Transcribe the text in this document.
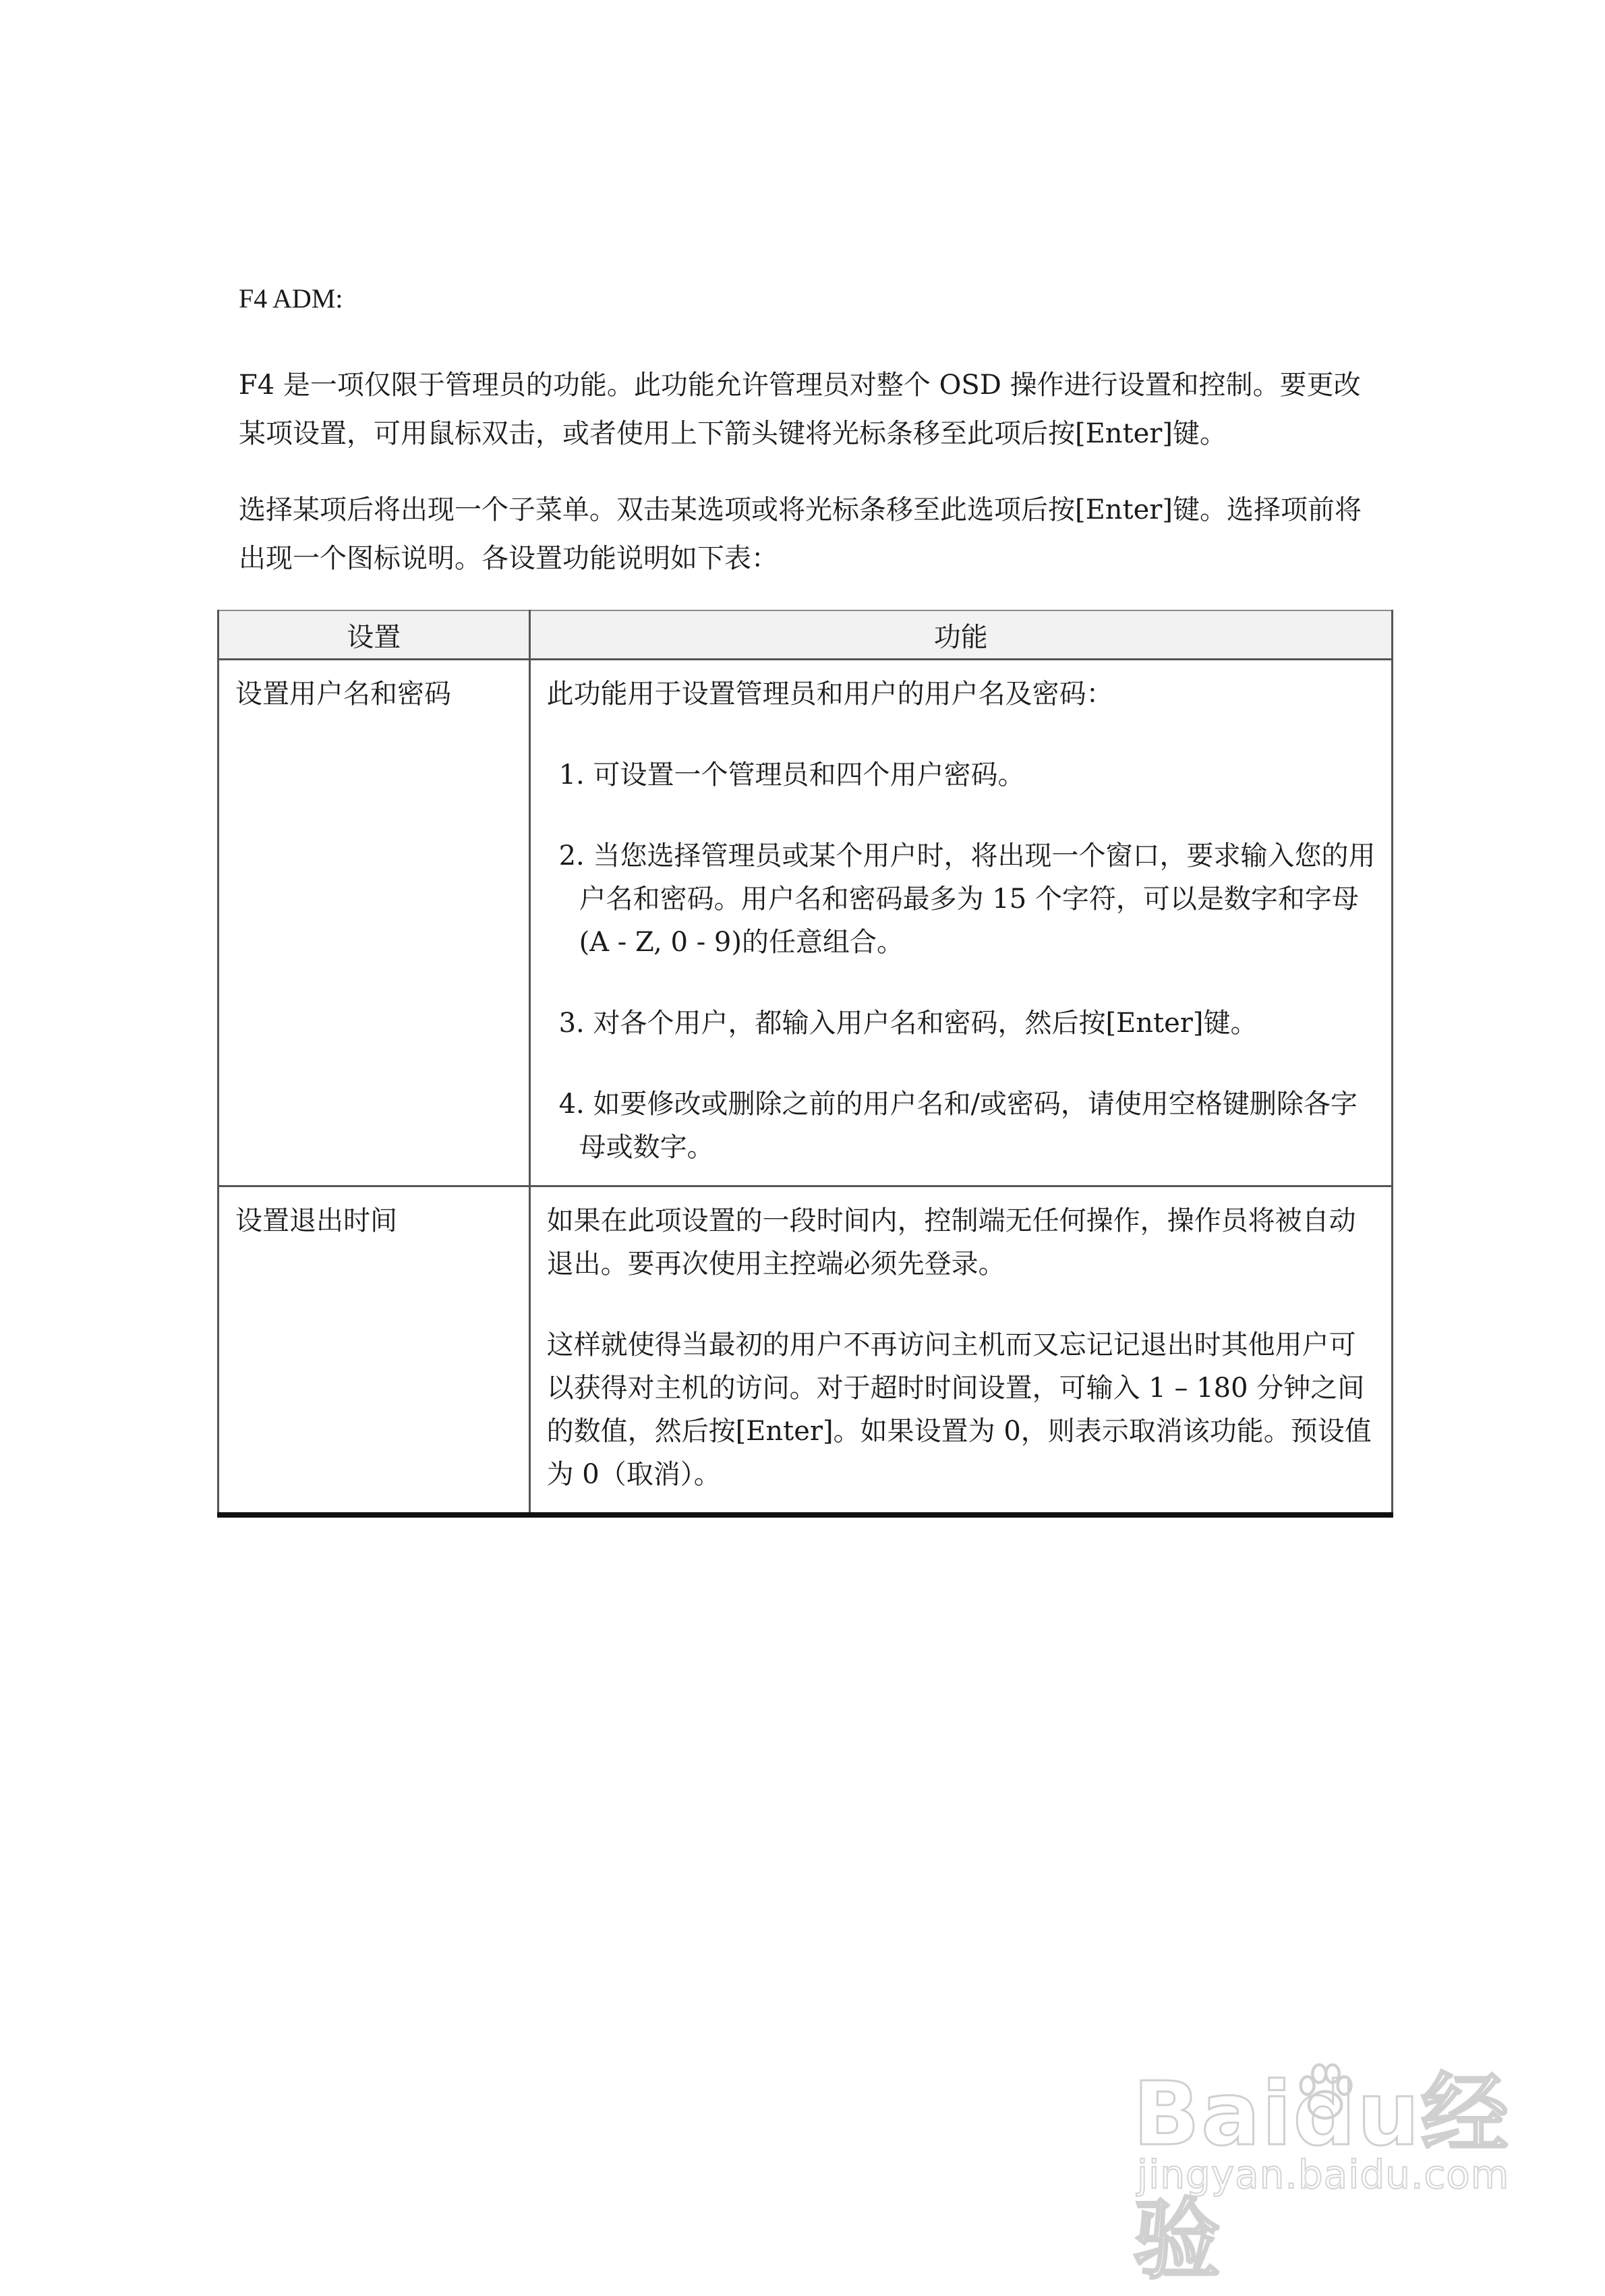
F4 ADM:
F4 是一项仅限于管理员的功能。此功能允许管理员对整个 OSD 操作进行设置和控制。要更改某项设置，可用鼠标双击，或者使用上下箭头键将光标条移至此项后按[Enter]键。
选择某项后将出现一个子菜单。双击某选项或将光标条移至此选项后按[Enter]键。选择项前将出现一个图标说明。各设置功能说明如下表：
设置	功能
设置用户名和密码	此功能用于设置管理员和用户的用户名及密码：
1. 可设置一个管理员和四个用户密码。
2. 当您选择管理员或某个用户时，将出现一个窗口，要求输入您的用户名和密码。用户名和密码最多为 15 个字符，可以是数字和字母(A - Z, 0 - 9)的任意组合。
3. 对各个用户，都输入用户名和密码，然后按[Enter]键。
4. 如要修改或删除之前的用户名和/或密码，请使用空格键删除各字母或数字。

设置退出时间	如果在此项设置的一段时间内，控制端无任何操作，操作员将被自动退出。要再次使用主控端必须先登录。
这样就使得当最初的用户不再访问主机而又忘记记退出时其他用户可以获得对主机的访问。对于超时时间设置，可输入 1 – 180 分钟之间的数值，然后按[Enter]。如果设置为 0，则表示取消该功能。预设值为 0（取消）。
Baidu经验
jingyan.baidu.com
